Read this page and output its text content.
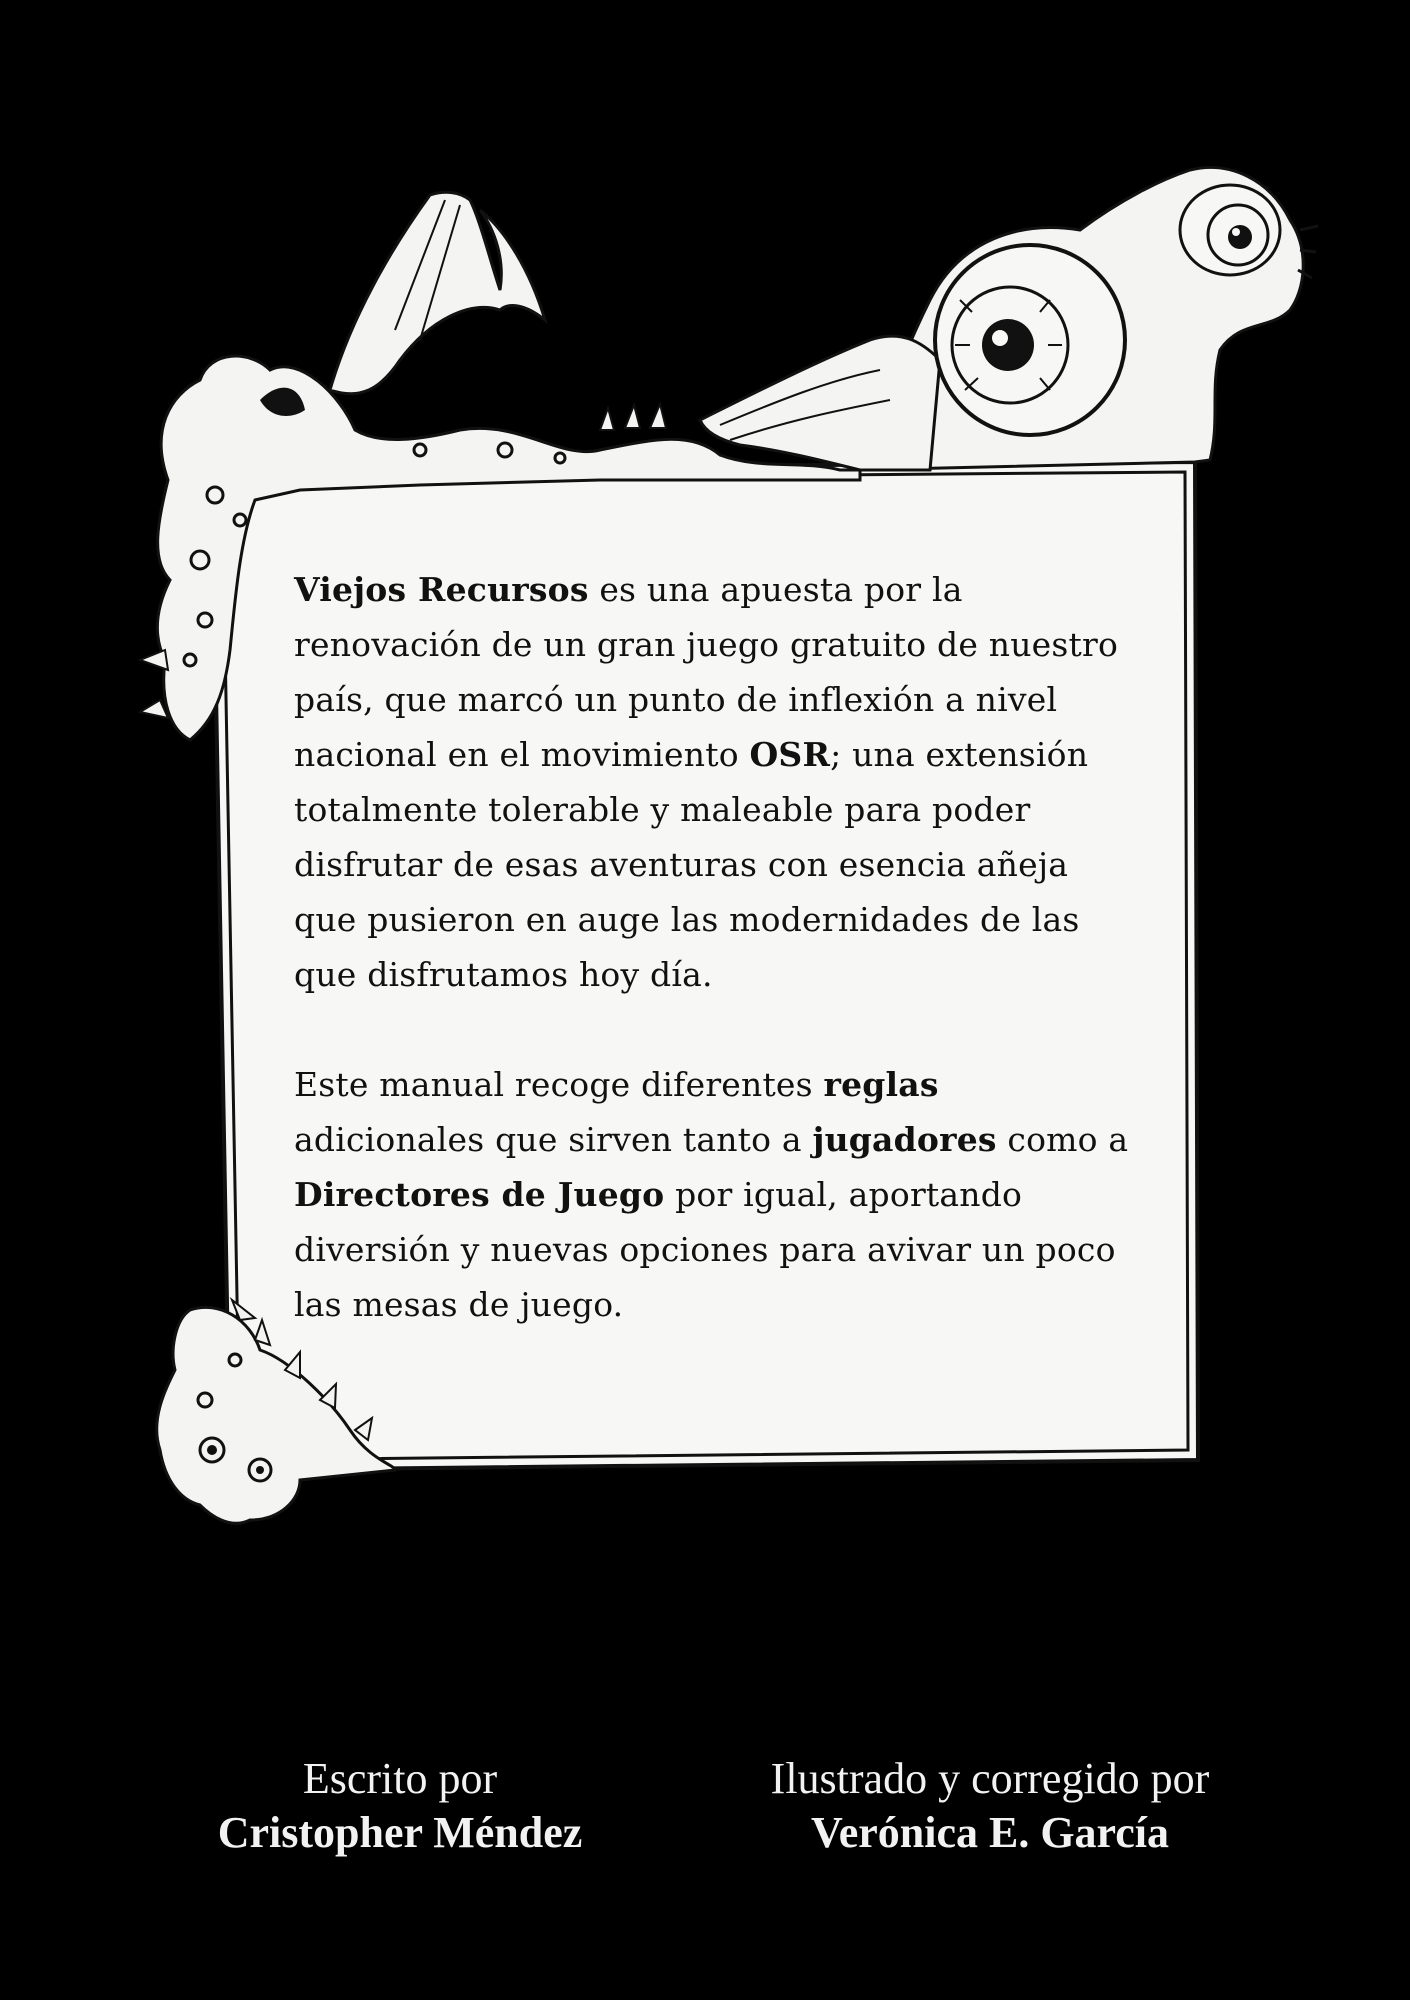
Viejos Recursos es una apuesta por la renovación de un gran juego gratuito de nuestro país, que marcó un punto de inflexión a nivel nacional en el movimiento OSR; una extensión totalmente tolerable y maleable para poder disfrutar de esas aventuras con esencia añeja que pusieron en auge las modernidades de las que disfrutamos hoy día.

Este manual recoge diferentes reglas adicionales que sirven tanto a jugadores como a Directores de Juego por igual, aportando diversión y nuevas opciones para avivar un poco las mesas de juego.

Escrito por
Cristopher Méndez
Ilustrado y corregido por
Verónica E. García
